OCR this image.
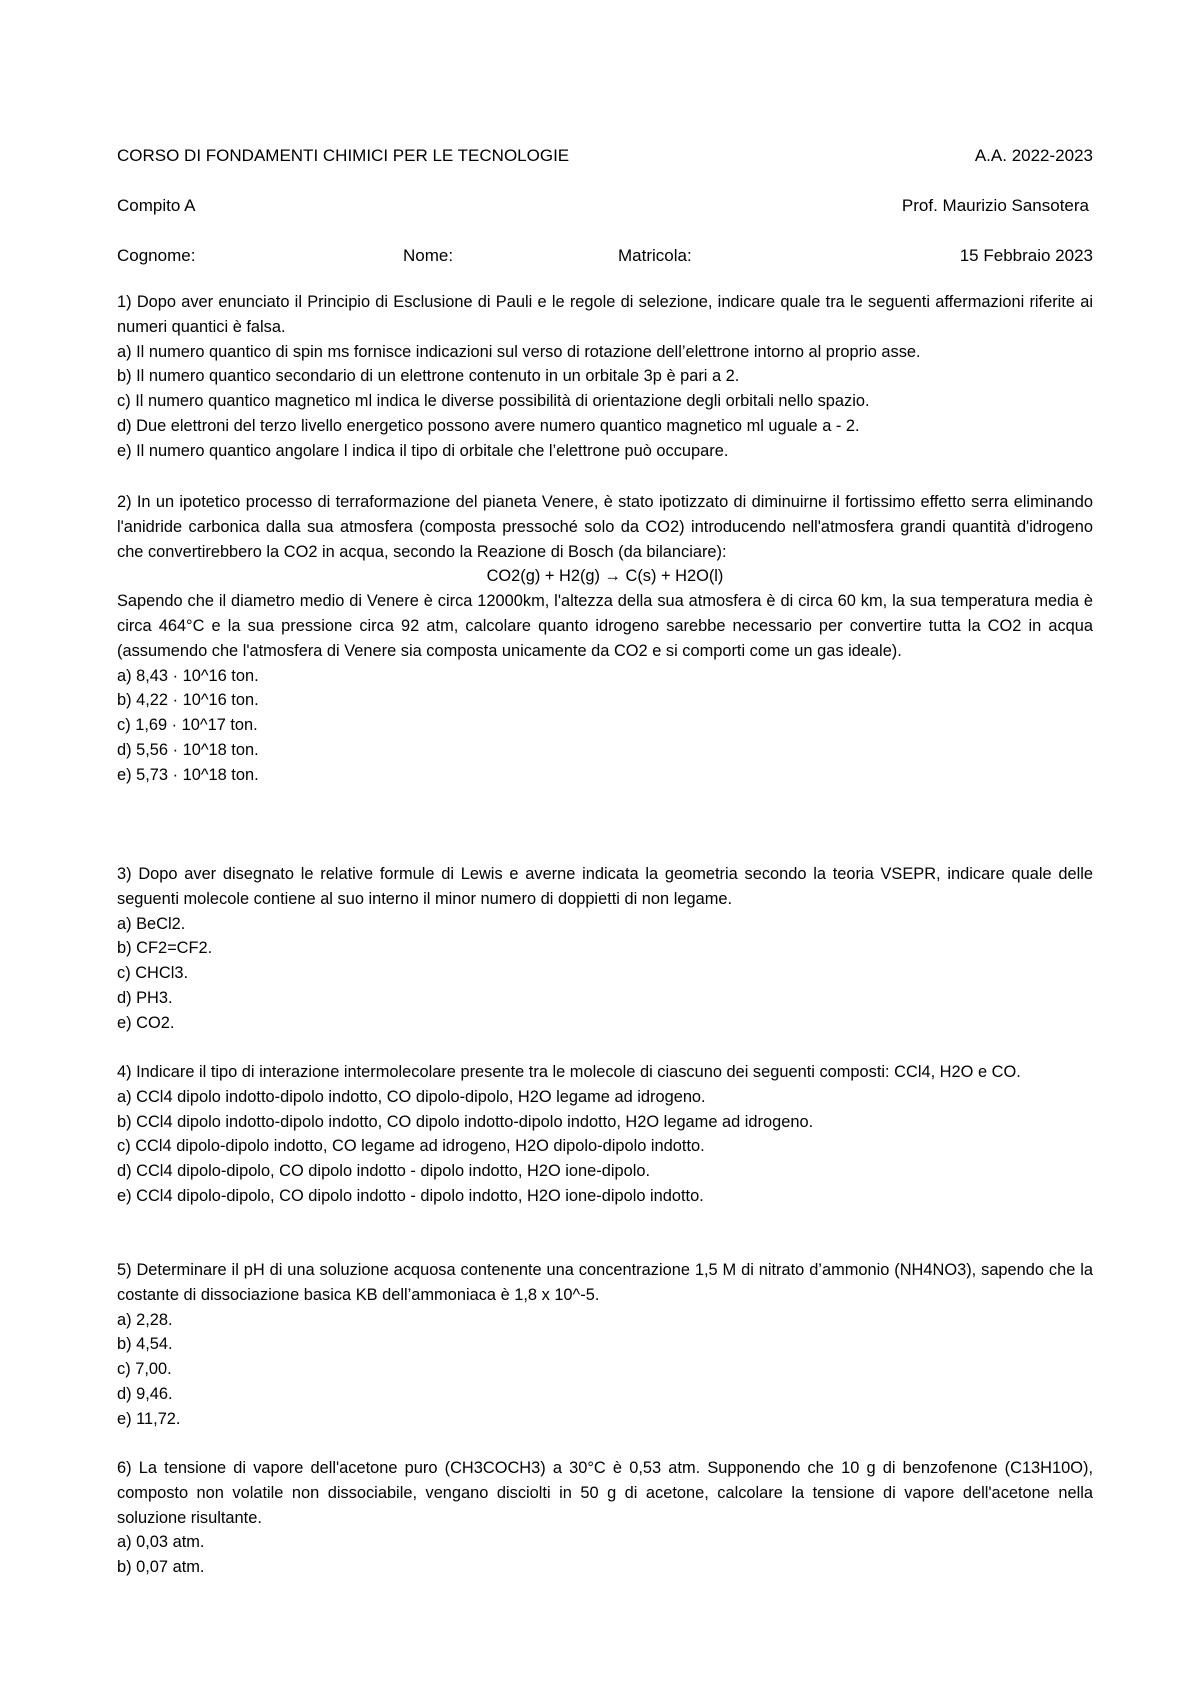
CORSO DI FONDAMENTI CHIMICI PER LE TECNOLOGIE	A.A. 2022-2023
Compito A	Prof. Maurizio Sansotera
Cognome:	Nome:	Matricola:	15 Febbraio 2023

1) Dopo aver enunciato il Principio di Esclusione di Pauli e le regole di selezione, indicare quale tra le seguenti affermazioni riferite ai numeri quantici è falsa.

a) Il numero quantico di spin ms fornisce indicazioni sul verso di rotazione dell’elettrone intorno al proprio asse.

b) Il numero quantico secondario di un elettrone contenuto in un orbitale 3p è pari a 2.

c) Il numero quantico magnetico ml indica le diverse possibilità di orientazione degli orbitali nello spazio.

d) Due elettroni del terzo livello energetico possono avere numero quantico magnetico ml uguale a - 2.

e) Il numero quantico angolare l indica il tipo di orbitale che l’elettrone può occupare.

2) In un ipotetico processo di terraformazione del pianeta Venere, è stato ipotizzato di diminuirne il fortissimo effetto serra eliminando l'anidride carbonica dalla sua atmosfera (composta pressoché solo da CO2) introducendo nell'atmosfera grandi quantità d'idrogeno che convertirebbero la CO2 in acqua, secondo la Reazione di Bosch (da bilanciare):

CO2(g) + H2(g) → C(s) + H2O(l)

Sapendo che il diametro medio di Venere è circa 12000km, l'altezza della sua atmosfera è di circa 60 km, la sua temperatura media è circa 464°C e la sua pressione circa 92 atm, calcolare quanto idrogeno sarebbe necessario per convertire tutta la CO2 in acqua (assumendo che l'atmosfera di Venere sia composta unicamente da CO2 e si comporti come un gas ideale).

a) 8,43 · 10^16 ton.

b) 4,22 · 10^16 ton.

c) 1,69 · 10^17 ton.

d) 5,56 · 10^18 ton.

e) 5,73 · 10^18 ton.

3) Dopo aver disegnato le relative formule di Lewis e averne indicata la geometria secondo la teoria VSEPR, indicare quale delle seguenti molecole contiene al suo interno il minor numero di doppietti di non legame.

a) BeCl2.

b) CF2=CF2.

c) CHCl3.

d) PH3.

e) CO2.

4) Indicare il tipo di interazione intermolecolare presente tra le molecole di ciascuno dei seguenti composti: CCl4, H2O e CO.

a) CCl4 dipolo indotto-dipolo indotto, CO dipolo-dipolo, H2O legame ad idrogeno.

b) CCl4 dipolo indotto-dipolo indotto, CO dipolo indotto-dipolo indotto, H2O legame ad idrogeno.

c) CCl4 dipolo-dipolo indotto, CO legame ad idrogeno, H2O dipolo-dipolo indotto.

d) CCl4 dipolo-dipolo, CO dipolo indotto - dipolo indotto, H2O ione-dipolo.

e) CCl4 dipolo-dipolo, CO dipolo indotto - dipolo indotto, H2O ione-dipolo indotto.

5) Determinare il pH di una soluzione acquosa contenente una concentrazione 1,5 M di nitrato d’ammonio (NH4NO3), sapendo che la costante di dissociazione basica KB dell’ammoniaca è 1,8 x 10^-5.

a) 2,28.

b) 4,54.

c) 7,00.

d) 9,46.

e) 11,72.

6) La tensione di vapore dell'acetone puro (CH3COCH3) a 30°C è 0,53 atm. Supponendo che 10 g di benzofenone (C13H10O), composto non volatile non dissociabile, vengano disciolti in 50 g di acetone, calcolare la tensione di vapore dell'acetone nella soluzione risultante.

a) 0,03 atm.

b) 0,07 atm.
